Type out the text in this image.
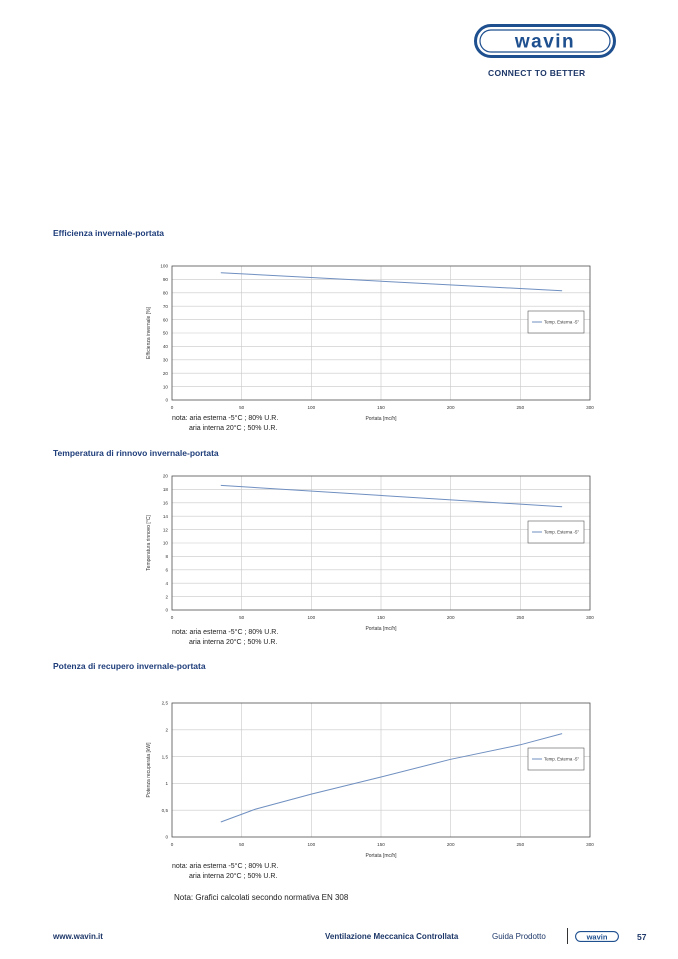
wavin
CONNECT TO BETTER
Efficienza invernale-portata
0
10
20
30
40
50
60
70
80
90
100
0	50	100	150	200	250	300
Portata [mc/h]
Efficienza invernale [%]	Temp. Esterna -5°
nota: aria esterna -5°C ; 80% U.R.
aria interna 20°C ; 50% U.R.
Temperatura di rinnovo invernale-portata
0
2
4
6
8
10
12
14
16
18
20
0	50	100	150	200	250	300
Portata [mc/h]
Temperatura rinnovo [°C]	Temp. Esterna -5°
nota: aria esterna -5°C ; 80% U.R.
aria interna 20°C ; 50% U.R.
Potenza di recupero invernale-portata
0
0,5
1
1,5
2
2,5
0	50	100	150	200	250	300
Portata [mc/h]
Potenza recuperata [kW]	Temp. Esterna -5°
nota: aria esterna -5°C ; 80% U.R.
aria interna 20°C ; 50% U.R.
Nota: Grafici calcolati secondo normativa EN 308
www.wavin.it	Ventilazione Meccanica Controllata	Guida Prodotto	wavin	57
